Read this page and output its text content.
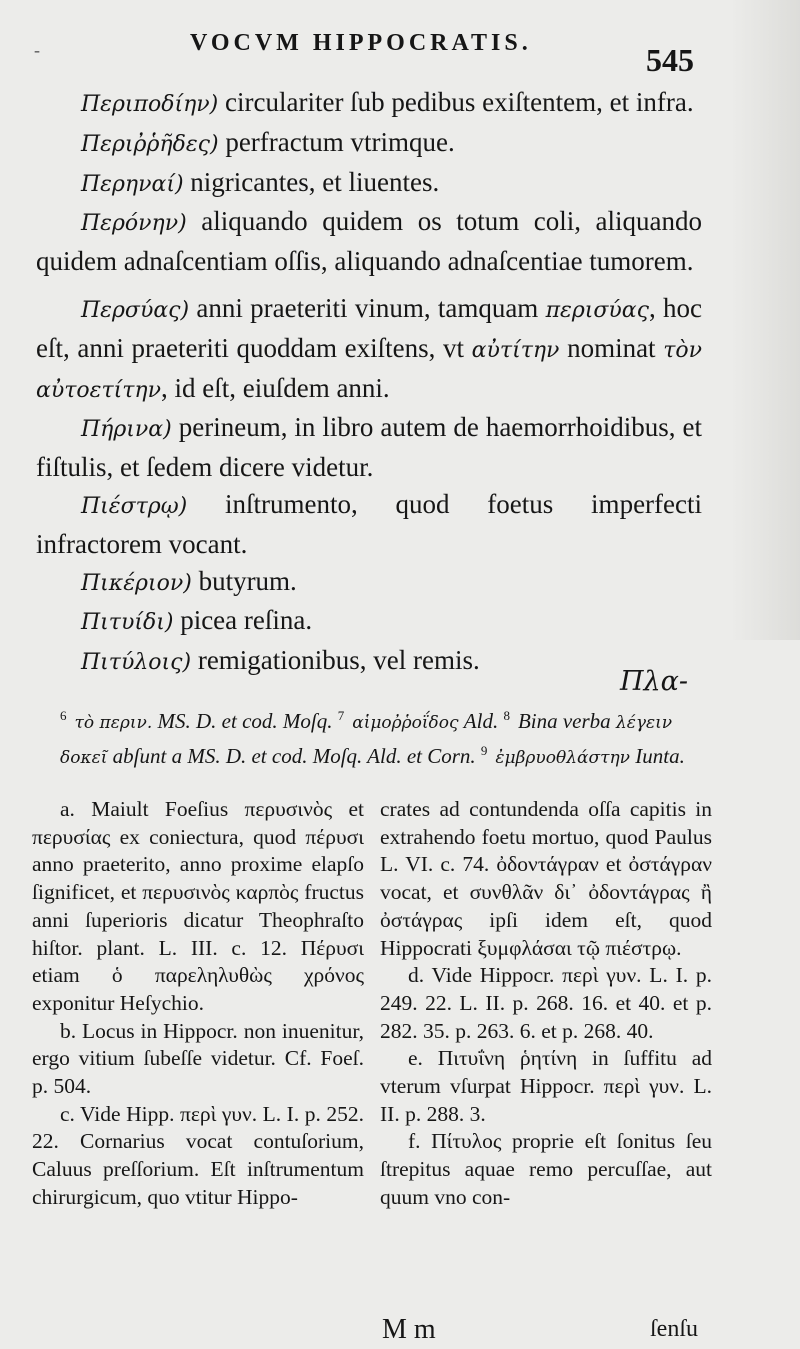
-	VOCVM HIPPOCRATIS.	545

Περιποδίην) circulariter ſub pedibus exiſtentem, et infra.

Περιῤῥῆδες) perfractum vtrimque.

Περηναί) nigricantes, et liuentes.

Περόνην) aliquando quidem os totum coli, aliquando quidem adnaſcentiam oſſis, aliquando adnaſcentiae tumorem.

Περσύας) anni praeteriti vinum, tamquam περισύας, hoc eſt, anni praeteriti quoddam exiſtens, vt αὐτίτην nominat τὸν αὐτοετίτην, id eſt, eiuſdem anni.

Πήρινα) perineum, in libro autem de haemorrhoidibus, et fiſtulis, et ſedem dicere videtur.

Πιέστρῳ) inſtrumento, quod foetus imperfecti infractorem vocant.

Πικέριον) butyrum.

Πιτυίδι) picea reſina.

Πιτύλοις) remigationibus, vel remis.

Πλα-

$^6$ τὸ περιν. MS. D. et cod. Moſq. $^7$ αἱμοῤῥοΐδος Ald. $^8$ Bina verba λέγειν δοκεῖ abſunt a MS. D. et cod. Moſq. Ald. et Corn. $^9$ ἐμβρυοθλάστην Iunta.

a. Maiult Foeſius περυσινὸς et περυσίας ex coniectura, quod πέρυσι anno praeterito, anno proxime elapſo ſignificet, et περυσινὸς καρπὸς fructus anni ſuperioris dicatur Theophraſto hiſtor. plant. L. III. c. 12. Πέρυσι etiam ὁ παρεληλυθὼς χρόνος exponitur Heſychio.

b. Locus in Hippocr. non inuenitur, ergo vitium ſubeſſe videtur. Cf. Foeſ. p. 504.

c. Vide Hipp. περὶ γυν. L. I. p. 252. 22. Cornarius vocat contuſorium, Caluus preſſorium. Eſt inſtrumentum chirurgicum, quo vtitur Hippo-

crates ad contundenda oſſa capitis in extrahendo foetu mortuo, quod Paulus L. VI. c. 74. ὀδοντάγραν et ὀστάγραν vocat, et συνθλᾶν δι᾽ ὀδοντάγρας ἢ ὀστάγρας ipſi idem eſt, quod Hippocrati ξυμφλάσαι τῷ πιέστρῳ.

d. Vide Hippocr. περὶ γυν. L. I. p. 249. 22. L. II. p. 268. 16. et 40. et p. 282. 35. p. 263. 6. et p. 268. 40.

e. Πιτυΐνη ῥητίνη in ſuffitu ad vterum vſurpat Hippocr. περὶ γυν. L. II. p. 288. 3.

f. Πίτυλος proprie eſt ſonitus ſeu ſtrepitus aquae remo percuſſae, aut quum vno con-

M m	ſenſu
